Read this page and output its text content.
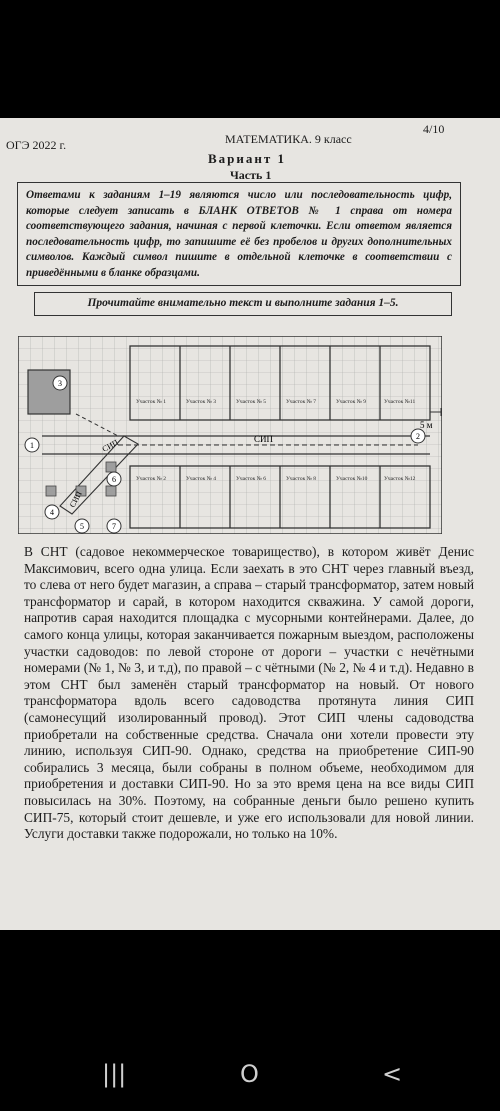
ОГЭ 2022 г.	МАТЕМАТИКА. 9 класс
4/10
Вариант 1
Часть 1
Ответами к заданиям 1–19 являются число или последовательность цифр, которые следует записать в БЛАНК ОТВЕТОВ № 1 справа от номера соответствующего задания, начиная с первой клеточки. Если ответом является последовательность цифр, то запишите её без пробелов и других дополнительных символов. Каждый символ пишите в отдельной клеточке в соответствии с приведёнными в бланке образцами.
Прочитайте внимательно текст и выполните задания 1–5.
5 м
Участок № 1	Участок № 3	Участок № 5	Участок № 7	Участок № 9	Участок №11
Участок № 2	Участок № 4	Участок № 6	Участок № 8	Участок №10	Участок №12
СИП
СИП
СИП
1
2
3
4
5
6
7
В СНТ (садовое некоммерческое товарищество), в котором живёт Денис Максимович, всего одна улица. Если заехать в это СНТ через главный въезд, то слева от него будет магазин, а справа – старый трансформатор, затем новый трансформатор и сарай, в котором находится скважина. У самой дороги, напротив сарая находится площадка с мусорными контейнерами. Далее, до самого конца улицы, которая заканчивается пожарным выездом, расположены участки садоводов: по левой стороне от дороги – участки с нечётными номерами (№ 1, № 3, и т.д), по правой – с чётными (№ 2, № 4 и т.д). Недавно в этом СНТ был заменён старый трансформатор на новый. От нового трансформатора вдоль всего садоводства протянута линия СИП (самонесущий изолированный провод). Этот СИП члены садоводства приобретали на собственные средства. Сначала они хотели провести эту линию, используя СИП-90. Однако, средства на приобретение СИП-90 собирались 3 месяца, были собраны в полном объеме, необходимом для приобретения и доставки СИП-90. Но за это время цена на все виды СИП повысилась на 30%. Поэтому, на собранные деньги было решено купить СИП-75, который стоит дешевле, и уже его использовали для новой линии. Услуги доставки также подорожали, но только на 10%.
|||	O	<
